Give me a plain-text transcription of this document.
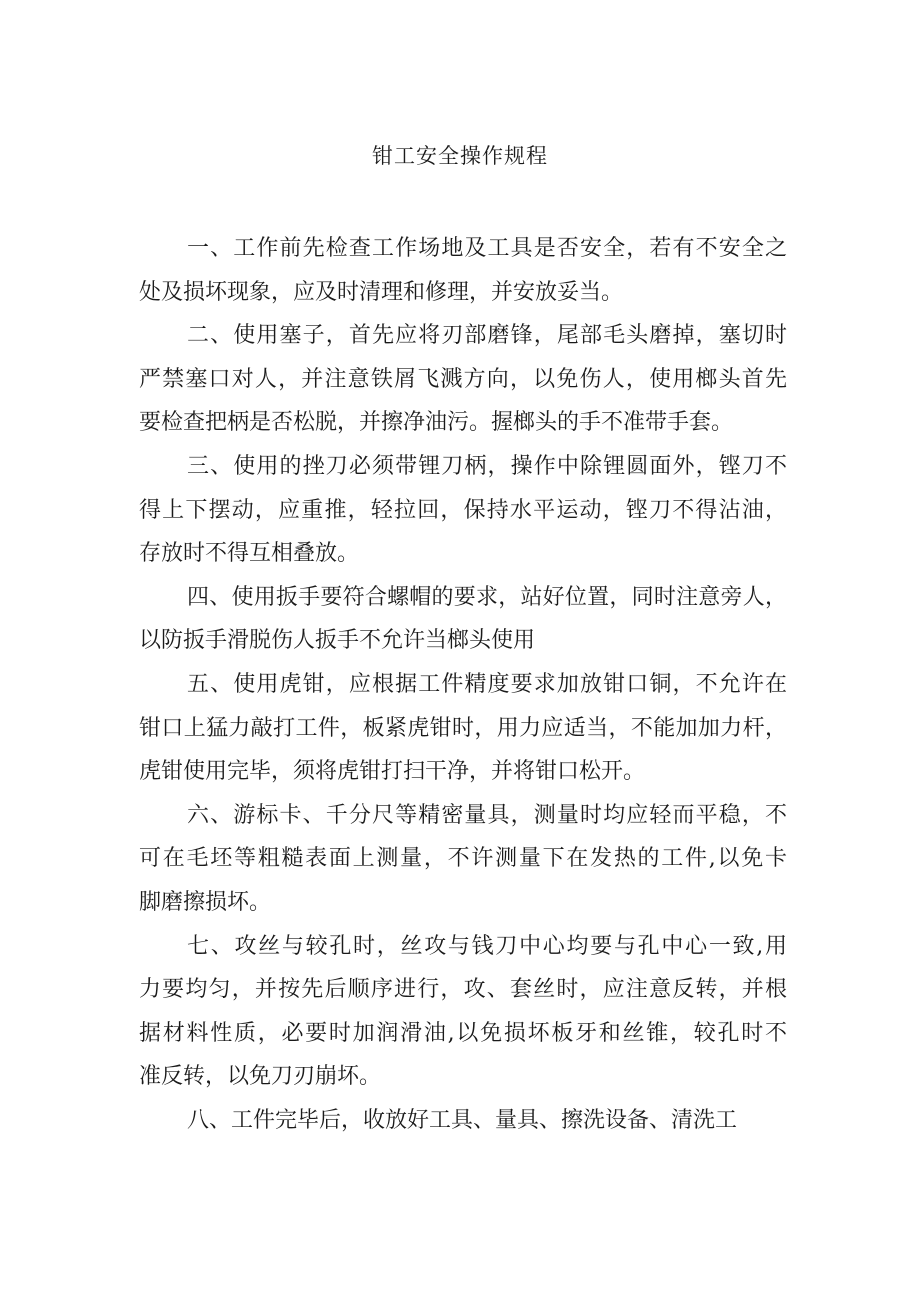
钳工安全操作规程
一、工作前先检查工作场地及工具是否安全，若有不安全之
处及损坏现象，应及时清理和修理，并安放妥当。
二、使用塞子，首先应将刃部磨锋，尾部毛头磨掉，塞切时
严禁塞口对人，并注意铁屑飞溅方向，以免伤人，使用榔头首先
要检查把柄是否松脱，并擦净油污。握榔头的手不准带手套。
三、使用的挫刀必须带锂刀柄，操作中除锂圆面外，铿刀不
得上下摆动，应重推，轻拉回，保持水平运动，铿刀不得沾油，
存放时不得互相叠放。
四、使用扳手要符合螺帽的要求，站好位置，同时注意旁人，
以防扳手滑脱伤人扳手不允许当榔头使用
五、使用虎钳，应根据工件精度要求加放钳口铜，不允许在
钳口上猛力敲打工件，板紧虎钳时，用力应适当，不能加加力杆，
虎钳使用完毕，须将虎钳打扫干净，并将钳口松开。
六、游标卡、千分尺等精密量具，测量时均应轻而平稳，不
可在毛坯等粗糙表面上测量，不许测量下在发热的工件,以免卡
脚磨擦损坏。
七、攻丝与较孔时，丝攻与钱刀中心均要与孔中心一致,用
力要均匀，并按先后顺序进行，攻、套丝时，应注意反转，并根
据材料性质，必要时加润滑油,以免损坏板牙和丝锥，较孔时不
准反转，以免刀刃崩坏。
八、工件完毕后，收放好工具、量具、擦洗设备、清洗工
